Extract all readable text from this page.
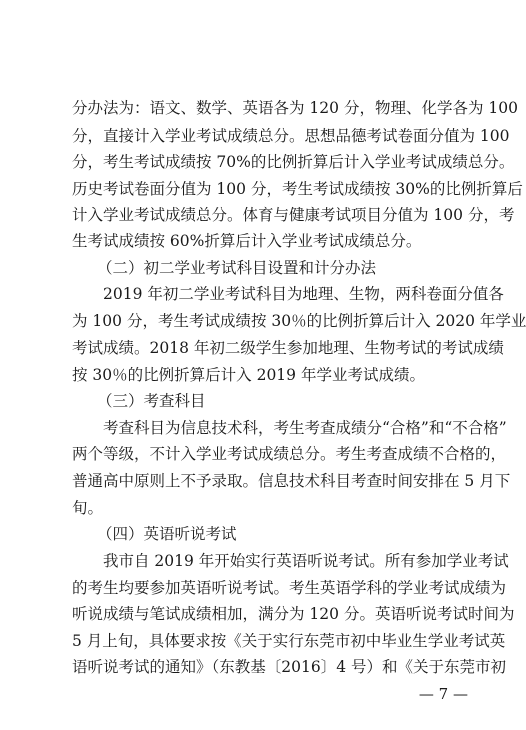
分办法为：语文、数学、英语各为 120 分，物理、化学各为 100
分，直接计入学业考试成绩总分。思想品德考试卷面分值为 100
分，考生考试成绩按 70%的比例折算后计入学业考试成绩总分。
历史考试卷面分值为 100 分，考生考试成绩按 30%的比例折算后
计入学业考试成绩总分。体育与健康考试项目分值为 100 分，考
生考试成绩按 60%折算后计入学业考试成绩总分。
（二）初二学业考试科目设置和计分办法
2019 年初二学业考试科目为地理、生物，两科卷面分值各
为 100 分，考生考试成绩按 30％的比例折算后计入 2020 年学业
考试成绩。2018 年初二级学生参加地理、生物考试的考试成绩
按 30％的比例折算后计入 2019 年学业考试成绩。
（三）考查科目
考查科目为信息技术科，考生考查成绩分“合格”和“不合格”
两个等级，不计入学业考试成绩总分。考生考查成绩不合格的，
普通高中原则上不予录取。信息技术科目考查时间安排在 5 月下
旬。
（四）英语听说考试
我市自 2019 年开始实行英语听说考试。所有参加学业考试
的考生均要参加英语听说考试。考生英语学科的学业考试成绩为
听说成绩与笔试成绩相加，满分为 120 分。英语听说考试时间为
5 月上旬，具体要求按《关于实行东莞市初中毕业生学业考试英
语听说考试的通知》（东教基〔2016〕4 号）和《关于东莞市初
— 7 —
